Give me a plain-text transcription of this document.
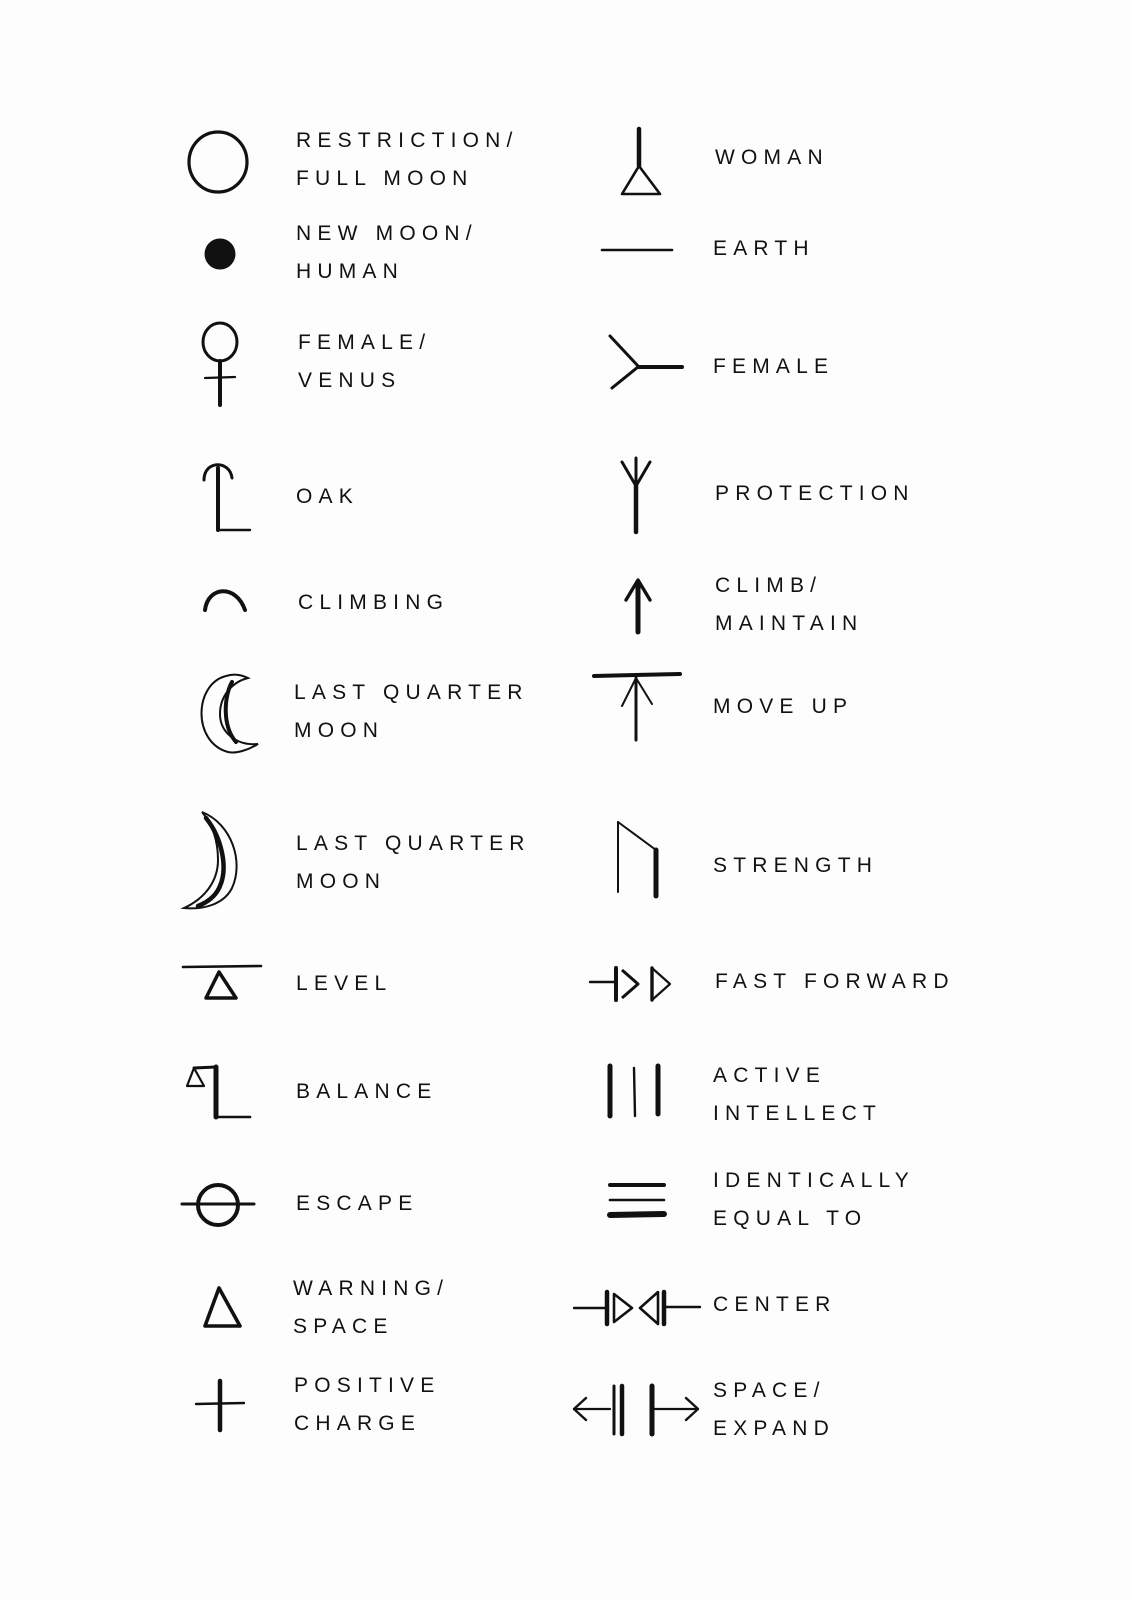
RESTRICTION/
FULL MOON
NEW MOON/
HUMAN
FEMALE/
VENUS
OAK
CLIMBING
LAST QUARTER
MOON
LAST QUARTER
MOON
LEVEL
BALANCE
ESCAPE
WARNING/
SPACE
POSITIVE
CHARGE
WOMAN
EARTH
FEMALE
PROTECTION
CLIMB/
MAINTAIN
MOVE UP
STRENGTH
FAST FORWARD
ACTIVE
INTELLECT
IDENTICALLY
EQUAL TO
CENTER
SPACE/
EXPAND
